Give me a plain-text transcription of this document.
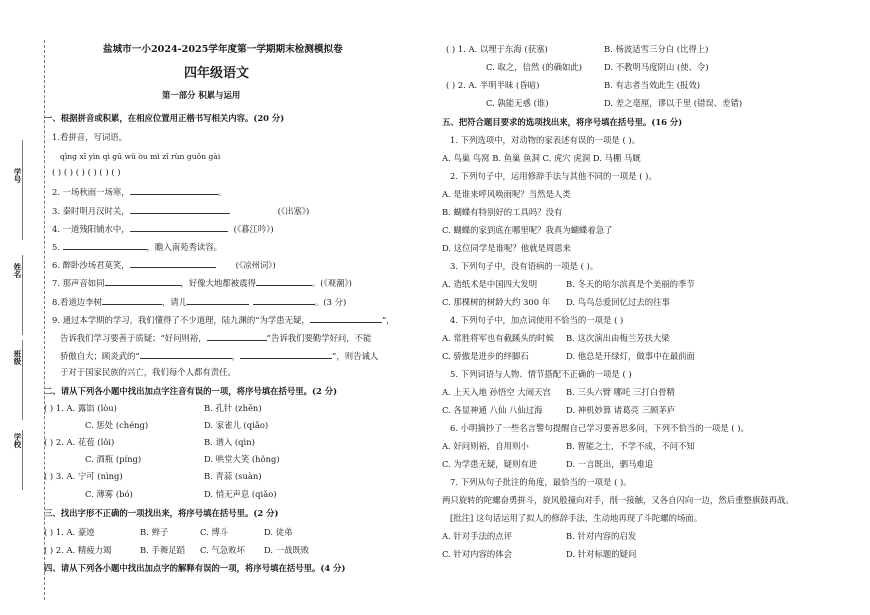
学号
姓名
班级
学校
盐城市一小2024-2025学年度第一学期期末检测模拟卷
四年级语文
第一部分 积累与运用
一、根据拼音或积累，在相应位置用正楷书写相关内容。(20 分)
1.看拼音，写词语。
qīng xī yìn qì gū wǔ òu mì zī rùn guǒn gài
( ) ( ) ( ) ( ) ( ) ( )
2. 一场秋雨一场寒，	。
3. 秦时明月汉时关，	(《出塞》)
4. 一道残阳铺水中，	(《暮江吟》)
5.	，瞻入南苑秀读容。
6. 醉卧沙场君莫笑，	(《凉州词》)
7. 那声音如同	，好像大地都被震得	。(《观潮》)
8.看道边李树	，请儿	。(3 分)
9. 通过本学期的学习，我们懂得了不少道理，陆九渊的“为学患无疑，	”，
告诉我们学习要善于质疑；“好问则裕，	”告诉我们要勤学好问，不能
骄傲自大；顾炎武的“	，	”，则告诫人
于对于国家民族的兴亡，我们每个人都有责任。
二、请从下列各小题中找出加点字注音有误的一项，将序号填在括号里。(2 分)
( ) 1. A. 露馅 (lòu)	B. 孔针 (zhēn)
C. 惩处 (chéng)	D. 家雀儿 (qiǎo)
( ) 2. A. 花苞 (lǒi)	B. 谱入 (qìn)
C. 酒瓶 (píng)	D. 哄堂大笑 (hǒng)
( ) 3. A. 宁可 (nìng)	B. 青蒜 (suàn)
C. 薄雾 (bó)	D. 悄无声息 (qiǎo)
三、找出字形不正确的一项找出来，将序号填在括号里。(2 分)
( ) 1. A. 豪迹	B. 辫子	C. 博斗	D. 徒弟
( ) 2. A. 精疲力竭	B. 手舞足蹈 C. 气急败坏 D. 一战既败
四、请从下列各小题中找出加点字的解释有误的一项，将序号填在括号里。(4 分)
( ) 1. A. 以埋于东海 (获塞)	B. 杨波适雪三分白 (比得上)
C. 取之，信然 (的确如此)	D. 不教明马度阴山 (使、令)
( ) 2. A. 半明半昧 (昏暗)	B. 有志者当效此生 (报效)
C. 孰能无惑 (谁)	D. 差之毫厘，谬以千里 (错误、差错)
五、把符合题目要求的选项找出来，将序号填在括号里。(16 分)
1. 下列选项中，对动物的家表述有误的一项是 ( )。
A. 鸟巢 鸟窝 B. 鱼巢 鱼洞 C. 虎穴 虎洞 D. 马棚 马厩
2. 下列句子中，运用修辞手法与其他不同的一项是 ( )。
A. 是谁来呼风唤雨呢？当然是人类
B. 蝴蝶有特别好的工具吗？没有
C. 蝴蝶的家到底在哪里呢？我真为蝴蝶着急了
D. 这位同学是谁呢？他就是周恩来
3. 下列句子中，没有语病的一项是 ( )。
A. 造纸术是中国四大发明	B. 冬天的哈尔滨真是个美丽的季节
C. 那棵树的树龄大约 300 年 D. 鸟鸟总爱回忆过去的往事
4. 下列句子中，加点词使用不恰当的一项是 ( )
A. 常胜将军也有截蹊头的时候 B. 这次演出由梅兰芳扶大梁
C. 骄傲是进步的绊脚石	D. 他总是开绿灯，做事中在最前面
5. 下列词语与人物、情节搭配不正确的一项是 ( )
A. 上天入地 孙悟空 大闹天宫 B. 三头六臂 哪吒 三打白骨精
C. 各显神通 八仙 八仙过海	D. 神机妙算 诸葛亮 三顾茅庐
6. 小明摘抄了一些名言警句提醒自己学习要善思多问，下列不恰当的一项是 ( )。
A. 好问则裕，自用则小	B. 智能之士，不学不成，不问不知
C. 为学患无疑，疑则有进	D. 一言既出，驷马难追
7. 下列从句子批注的角度，最恰当的一项是 ( )。
两只旋转的陀螺奋勇拼斗，旋风般撞向对手，削一接触，又各自闪向一边，然后重整旗鼓再战。
[批注] 这句话运用了拟人的修辞手法，生动地再现了斗陀螺的场面。
A. 针对手法的点评	B. 针对内容的启发
C. 针对内容的体会	D. 针对标题的疑问
